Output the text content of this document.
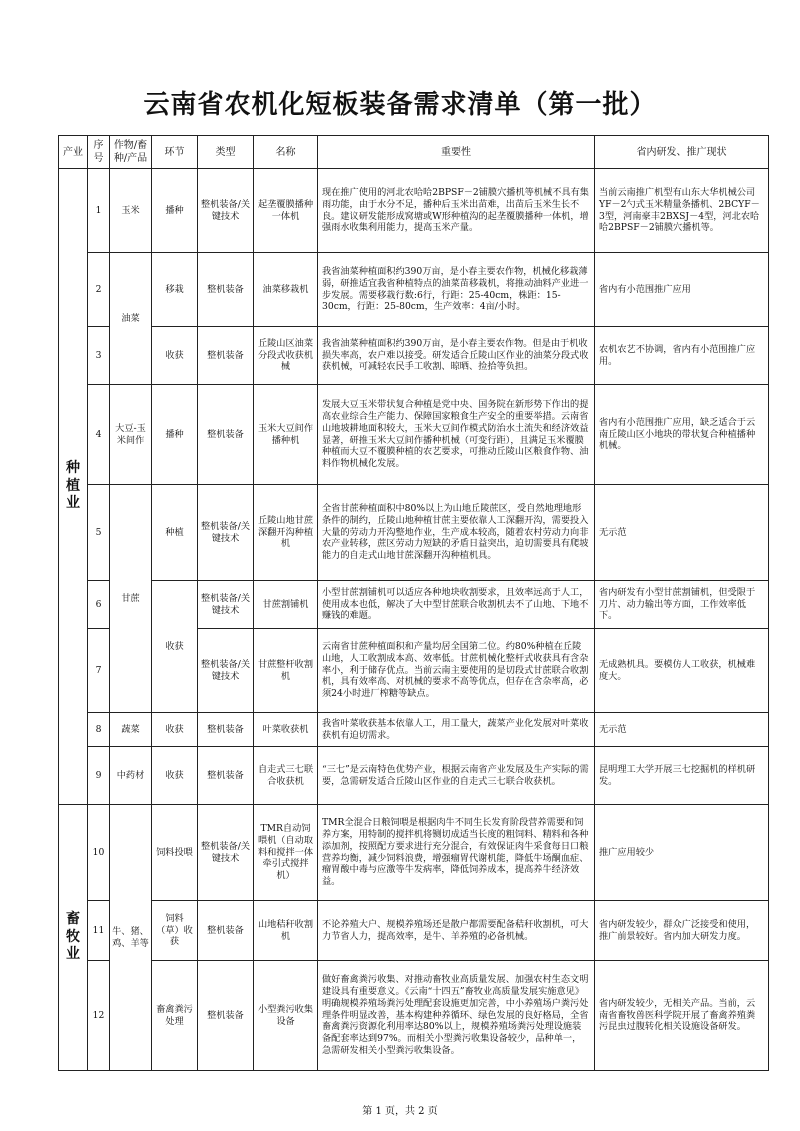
云南省农机化短板装备需求清单（第一批）
产业	序号	作物/畜种/产品	环节	类型	名称	重要性	省内研发、推广现状
种植业	1	玉米	播种	整机装备/关键技术	起垄覆膜播种一体机	现在推广使用的河北农哈哈2BPSF－2铺膜穴播机等机械不具有集雨功能，由于水分不足，播种后玉米出苗难，出苗后玉米生长不良。建议研发能形成窝塘或W形种植沟的起垄覆膜播种一体机，增强雨水收集利用能力，提高玉米产量。	当前云南推广机型有山东大华机械公司YF－2勺式玉米精量条播机、2BCYF－3型，河南豪丰2BXSJ－4型，河北农哈哈2BPSF－2铺膜穴播机等。
	2	油菜	移栽	整机装备	油菜移栽机	我省油菜种植面积约390万亩，是小春主要农作物，机械化移栽薄弱，研推适宜我省种植特点的油菜苗移栽机，将推动油料产业进一步发展。需要移栽行数:6行，行距：25-40cm，株距：15-30cm，行距：25-80cm，生产效率：4亩/小时。	省内有小范围推广应用
	3		收获	整机装备	丘陵山区油菜分段式收获机械	我省油菜种植面积约390万亩，是小春主要农作物。但是由于机收损失率高，农户难以接受。研发适合丘陵山区作业的油菜分段式收获机械，可减轻农民手工收割、晾晒、捡拾等负担。	农机农艺不协调，省内有小范围推广应用。
	4	大豆-玉米间作	播种	整机装备	玉米大豆间作播种机	发展大豆玉米带状复合种植是党中央、国务院在新形势下作出的提高农业综合生产能力、保障国家粮食生产安全的重要举措。云南省山地坡耕地面积较大，玉米大豆间作模式防治水土流失和经济效益显著，研推玉米大豆间作播种机械（可变行距），且满足玉米覆膜种植而大豆不覆膜种植的农艺要求，可推动丘陵山区粮食作物、油料作物机械化发展。	省内有小范围推广应用，缺乏适合于云南丘陵山区小地块的带状复合种植播种机械。
	5	甘蔗	种植	整机装备/关键技术	丘陵山地甘蔗深翻开沟种植机	全省甘蔗种植面积中80%以上为山地丘陵蔗区，受自然地理地形条件的制约，丘陵山地种植甘蔗主要依靠人工深翻开沟，需要投入大量的劳动力开沟整地作业，生产成本较高，随着农村劳动力向非农产业转移，蔗区劳动力短缺的矛盾日益突出，迫切需要具有爬坡能力的自走式山地甘蔗深翻开沟种植机具。	无示范
	6		收获	整机装备/关键技术	甘蔗割铺机	小型甘蔗割铺机可以适应各种地块收割要求，且效率远高于人工，使用成本也低，解决了大中型甘蔗联合收割机去不了山地、下地不赚钱的难题。	省内研发有小型甘蔗割铺机，但受限于刀片、动力输出等方面，工作效率低下。
	7			整机装备/关键技术	甘蔗整杆收割机	云南省甘蔗种植面积和产量均居全国第二位。约80%种植在丘陵山地，人工收割成本高、效率低。甘蔗机械化整杆式收获具有含杂率小，利于储存优点。当前云南主要使用的是切段式甘蔗联合收割机，具有效率高、对机械的要求不高等优点，但存在含杂率高，必须24小时进厂榨糖等缺点。	无成熟机具。要模仿人工收获，机械难度大。
	8	蔬菜	收获	整机装备	叶菜收获机	我省叶菜收获基本依靠人工，用工量大，蔬菜产业化发展对叶菜收获机有迫切需求。	无示范
	9	中药材	收获	整机装备	自走式三七联合收获机	“三七”是云南特色优势产业，根据云南省产业发展及生产实际的需要，急需研发适合丘陵山区作业的自走式三七联合收获机。	昆明理工大学开展三七挖掘机的样机研发。
畜牧业	10	牛、猪、鸡、羊等	饲料投喂	整机装备/关键技术	TMR自动饲喂机（自动取料和搅拌一体牵引式搅拌机）	TMR全混合日粮饲喂是根据肉牛不同生长发育阶段营养需要和饲养方案，用特制的搅拌机将铡切成适当长度的粗饲料、精料和各种添加剂，按照配方要求进行充分混合，有效保证肉牛采食每日口粮营养均衡，减少饲料浪费，增强瘤胃代谢机能，降低牛场酮血症、瘤胃酸中毒与应激等牛发病率，降低饲养成本，提高养牛经济效益。	推广应用较少
	11		饲料（草）收获	整机装备	山地秸秆收割机	不论养殖大户、规模养殖场还是散户都需要配备秸秆收割机，可大力节省人力，提高效率，是牛、羊养殖的必备机械。	省内研发较少，群众广泛接受和使用，推广前景较好。省内加大研发力度。
	12		畜禽粪污处理	整机装备	小型粪污收集设备	做好畜禽粪污收集、对推动畜牧业高质量发展、加强农村生态文明建设具有重要意义。《云南“十四五”畜牧业高质量发展实施意见》明确规模养殖场粪污处理配套设施更加完善，中小养殖场户粪污处理条件明显改善，基本构建种养循环、绿色发展的良好格局，全省畜禽粪污资源化利用率达80%以上，规模养殖场粪污处理设施装备配套率达到97%。而相关小型粪污收集设备较少，品种单一，急需研发相关小型粪污收集设备。	省内研发较少，无相关产品。当前，云南省畜牧兽医科学院开展了畜禽养殖粪污昆虫过腹转化相关设施设备研发。
第 1 页，共 2 页
